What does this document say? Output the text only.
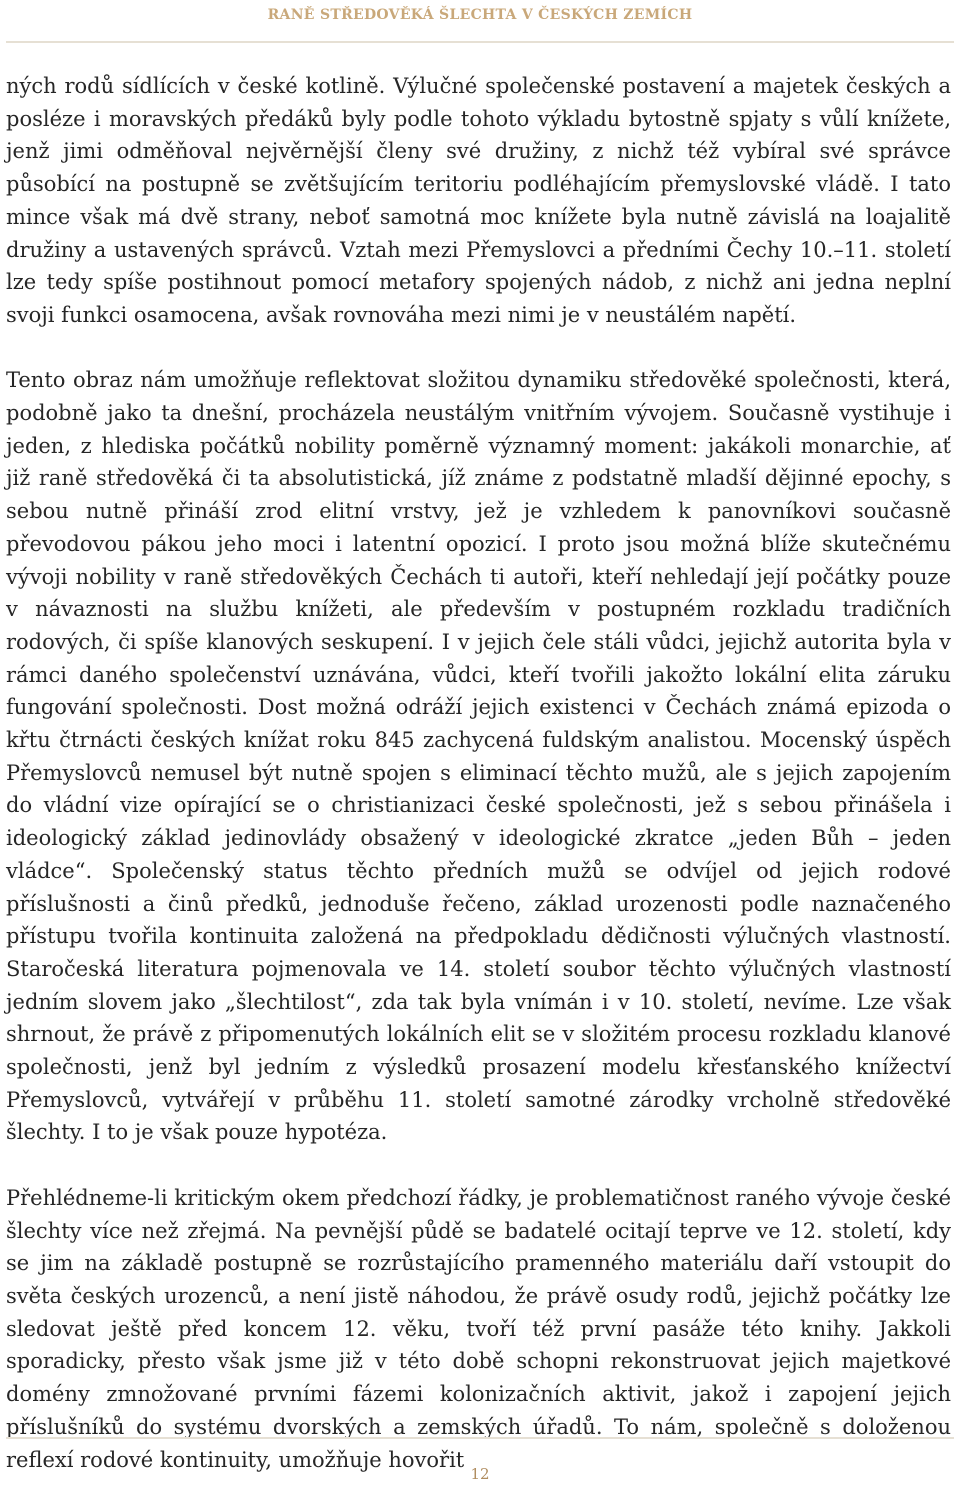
RANĚ STŘEDOVĚKÁ ŠLECHTA V ČESKÝCH ZEMÍCH

ných rodů sídlících v české kotlině. Výlučné společenské postavení a majetek českých a posléze i moravských předáků byly podle tohoto výkladu bytostně spjaty s vůlí knížete, jenž jimi odměňoval nejvěrnější členy své družiny, z nichž též vybíral své správce působící na postupně se zvětšujícím teritoriu podléhajícím přemyslovské vládě. I tato mince však má dvě strany, neboť samotná moc knížete byla nutně závislá na loajalitě družiny a ustavených správců. Vztah mezi Přemyslovci a předními Čechy 10.–11. století lze tedy spíše postihnout pomocí metafory spojených nádob, z nichž ani jedna neplní svoji funkci osamocena, avšak rovnováha mezi nimi je v neustálém napětí.

Tento obraz nám umožňuje reflektovat složitou dynamiku středověké společnosti, která, podobně jako ta dnešní, procházela neustálým vnitřním vývojem. Současně vystihuje i jeden, z hlediska počátků nobility poměrně významný moment: jakákoli monarchie, ať již raně středověká či ta absolutistická, jíž známe z podstatně mladší dějinné epochy, s sebou nutně přináší zrod elitní vrstvy, jež je vzhledem k panovníkovi současně převodovou pákou jeho moci i latentní opozicí. I proto jsou možná blíže skutečnému vývoji nobility v raně středověkých Čechách ti autoři, kteří nehledají její počátky pouze v návaznosti na službu knížeti, ale především v postupném rozkladu tradičních rodových, či spíše klanových seskupení. I v jejich čele stáli vůdci, jejichž autorita byla v rámci daného společenství uznávána, vůdci, kteří tvořili jakožto lokální elita záruku fungování společnosti. Dost možná odráží jejich existenci v Čechách známá epizoda o křtu čtrnácti českých knížat roku 845 zachycená fuldským analistou. Mocenský úspěch Přemyslovců nemusel být nutně spojen s eliminací těchto mužů, ale s jejich zapojením do vládní vize opírající se o christianizaci české společnosti, jež s sebou přinášela i ideologický základ jedinovlády obsažený v ideologické zkratce „jeden Bůh – jeden vládce“. Společenský status těchto předních mužů se odvíjel od jejich rodové příslušnosti a činů předků, jednoduše řečeno, základ urozenosti podle naznačeného přístupu tvořila kontinuita založená na předpokladu dědičnosti výlučných vlastností. Staročeská literatura pojmenovala ve 14. století soubor těchto výlučných vlastností jedním slovem jako „šlechtilost“, zda tak byla vnímán i v 10. století, nevíme. Lze však shrnout, že právě z připomenutých lokálních elit se v složitém procesu rozkladu klanové společnosti, jenž byl jedním z výsledků prosazení modelu křesťanského knížectví Přemyslovců, vytvářejí v průběhu 11. století samotné zárodky vrcholně středověké šlechty. I to je však pouze hypotéza.

Přehlédneme-li kritickým okem předchozí řádky, je problematičnost raného vývoje české šlechty více než zřejmá. Na pevnější půdě se badatelé ocitají teprve ve 12. století, kdy se jim na základě postupně se rozrůstajícího pramenného materiálu daří vstoupit do světa českých urozenců, a není jistě náhodou, že právě osudy rodů, jejichž počátky lze sledovat ještě před koncem 12. věku, tvoří též první pasáže této knihy. Jakkoli sporadicky, přesto však jsme již v této době schopni rekonstruovat jejich majetkové domény zmnožované prvními fázemi kolonizačních aktivit, jakož i zapojení jejich příslušníků do systému dvorských a zemských úřadů. To nám, společně s doloženou reflexí rodové kontinuity, umožňuje hovořit

12
